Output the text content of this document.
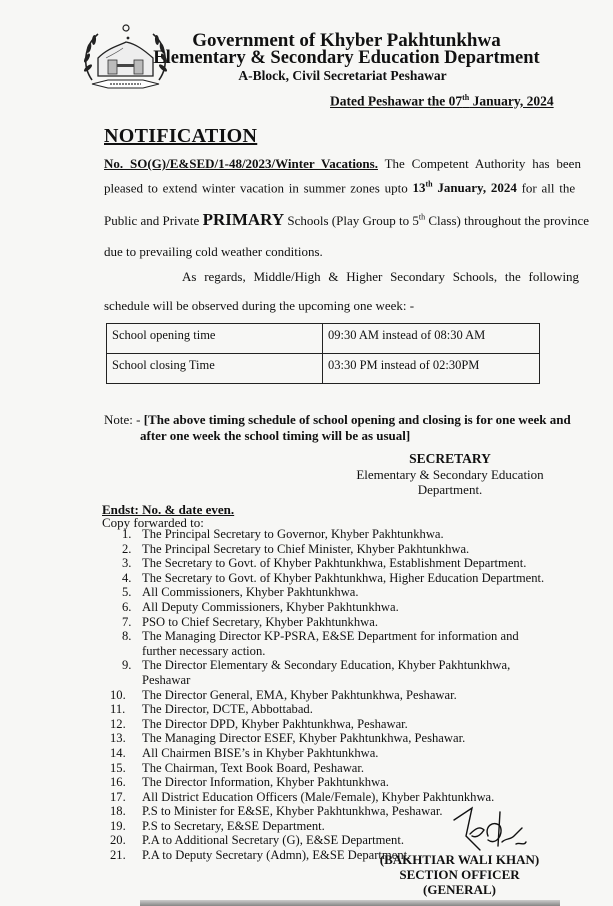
Government of Khyber Pakhtunkhwa
Elementary & Secondary Education Department
A-Block, Civil Secretariat Peshawar
Dated Peshawar the 07th January, 2024
NOTIFICATION
No. SO(G)/E&SED/1-48/2023/Winter Vacations. The Competent Authority has been
pleased to extend winter vacation in summer zones upto 13th January, 2024 for all the
Public and Private PRIMARY Schools (Play Group to 5th Class) throughout the province
due to prevailing cold weather conditions.
As regards, Middle/High & Higher Secondary Schools, the following
schedule will be observed during the upcoming one week: -
School opening time	09:30 AM instead of 08:30 AM
School closing Time	03:30 PM instead of 02:30PM
Note: - [The above timing schedule of school opening and closing is for one week and
after one week the school timing will be as usual]
SECRETARY
Elementary & Secondary Education
Department.
Endst: No. & date even.
Copy forwarded to:
1. The Principal Secretary to Governor, Khyber Pakhtunkhwa.
2. The Principal Secretary to Chief Minister, Khyber Pakhtunkhwa.
3. The Secretary to Govt. of Khyber Pakhtunkhwa, Establishment Department.
4. The Secretary to Govt. of Khyber Pakhtunkhwa, Higher Education Department.
5. All Commissioners, Khyber Pakhtunkhwa.
6. All Deputy Commissioners, Khyber Pakhtunkhwa.
7. PSO to Chief Secretary, Khyber Pakhtunkhwa.
8. The Managing Director KP-PSRA, E&SE Department for information and further necessary action.
9. The Director Elementary & Secondary Education, Khyber Pakhtunkhwa, Peshawar
10.	The Director General, EMA, Khyber Pakhtunkhwa, Peshawar.
11.	The Director, DCTE, Abbottabad.
12.	The Director DPD, Khyber Pakhtunkhwa, Peshawar.
13.	The Managing Director ESEF, Khyber Pakhtunkhwa, Peshawar.
14.	All Chairmen BISE’s in Khyber Pakhtunkhwa.
15.	The Chairman, Text Book Board, Peshawar.
16.	The Director Information, Khyber Pakhtunkhwa.
17.	All District Education Officers (Male/Female), Khyber Pakhtunkhwa.
18.	P.S to Minister for E&SE, Khyber Pakhtunkhwa, Peshawar.
19.	P.S to Secretary, E&SE Department.
20.	P.A to Additional Secretary (G), E&SE Department.
21.	P.A to Deputy Secretary (Admn), E&SE Department.
(BAKHTIAR WALI KHAN)
SECTION OFFICER (GENERAL)
